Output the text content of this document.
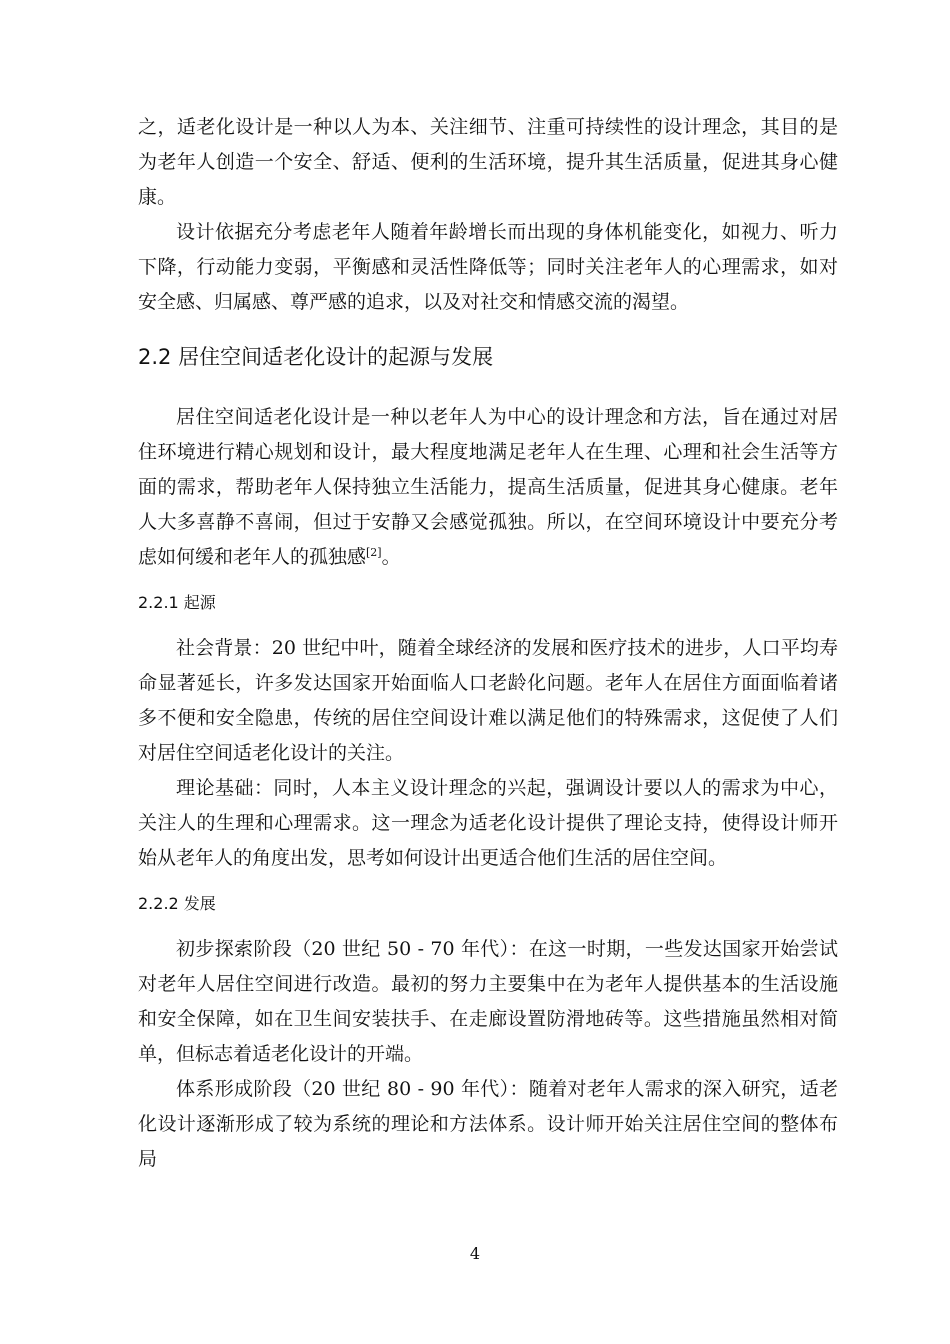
之，适老化设计是一种以人为本、关注细节、注重可持续性的设计理念，其目的是为老年人创造一个安全、舒适、便利的生活环境，提升其生活质量，促进其身心健康。

设计依据充分考虑老年人随着年龄增长而出现的身体机能变化，如视力、听力下降，行动能力变弱，平衡感和灵活性降低等；同时关注老年人的心理需求，如对安全感、归属感、尊严感的追求，以及对社交和情感交流的渴望。

2.2 居住空间适老化设计的起源与发展

居住空间适老化设计是一种以老年人为中心的设计理念和方法，旨在通过对居住环境进行精心规划和设计，最大程度地满足老年人在生理、心理和社会生活等方面的需求，帮助老年人保持独立生活能力，提高生活质量，促进其身心健康。老年人大多喜静不喜闹，但过于安静又会感觉孤独。所以，在空间环境设计中要充分考虑如何缓和老年人的孤独感[2]。

2.2.1 起源

社会背景：20 世纪中叶，随着全球经济的发展和医疗技术的进步，人口平均寿命显著延长，许多发达国家开始面临人口老龄化问题。老年人在居住方面面临着诸多不便和安全隐患，传统的居住空间设计难以满足他们的特殊需求，这促使了人们对居住空间适老化设计的关注。

理论基础：同时，人本主义设计理念的兴起，强调设计要以人的需求为中心，关注人的生理和心理需求。这一理念为适老化设计提供了理论支持，使得设计师开始从老年人的角度出发，思考如何设计出更适合他们生活的居住空间。

2.2.2 发展

初步探索阶段（20 世纪 50 - 70 年代）：在这一时期，一些发达国家开始尝试对老年人居住空间进行改造。最初的努力主要集中在为老年人提供基本的生活设施和安全保障，如在卫生间安装扶手、在走廊设置防滑地砖等。这些措施虽然相对简单，但标志着适老化设计的开端。

体系形成阶段（20 世纪 80 - 90 年代）：随着对老年人需求的深入研究，适老化设计逐渐形成了较为系统的理论和方法体系。设计师开始关注居住空间的整体布局

4
